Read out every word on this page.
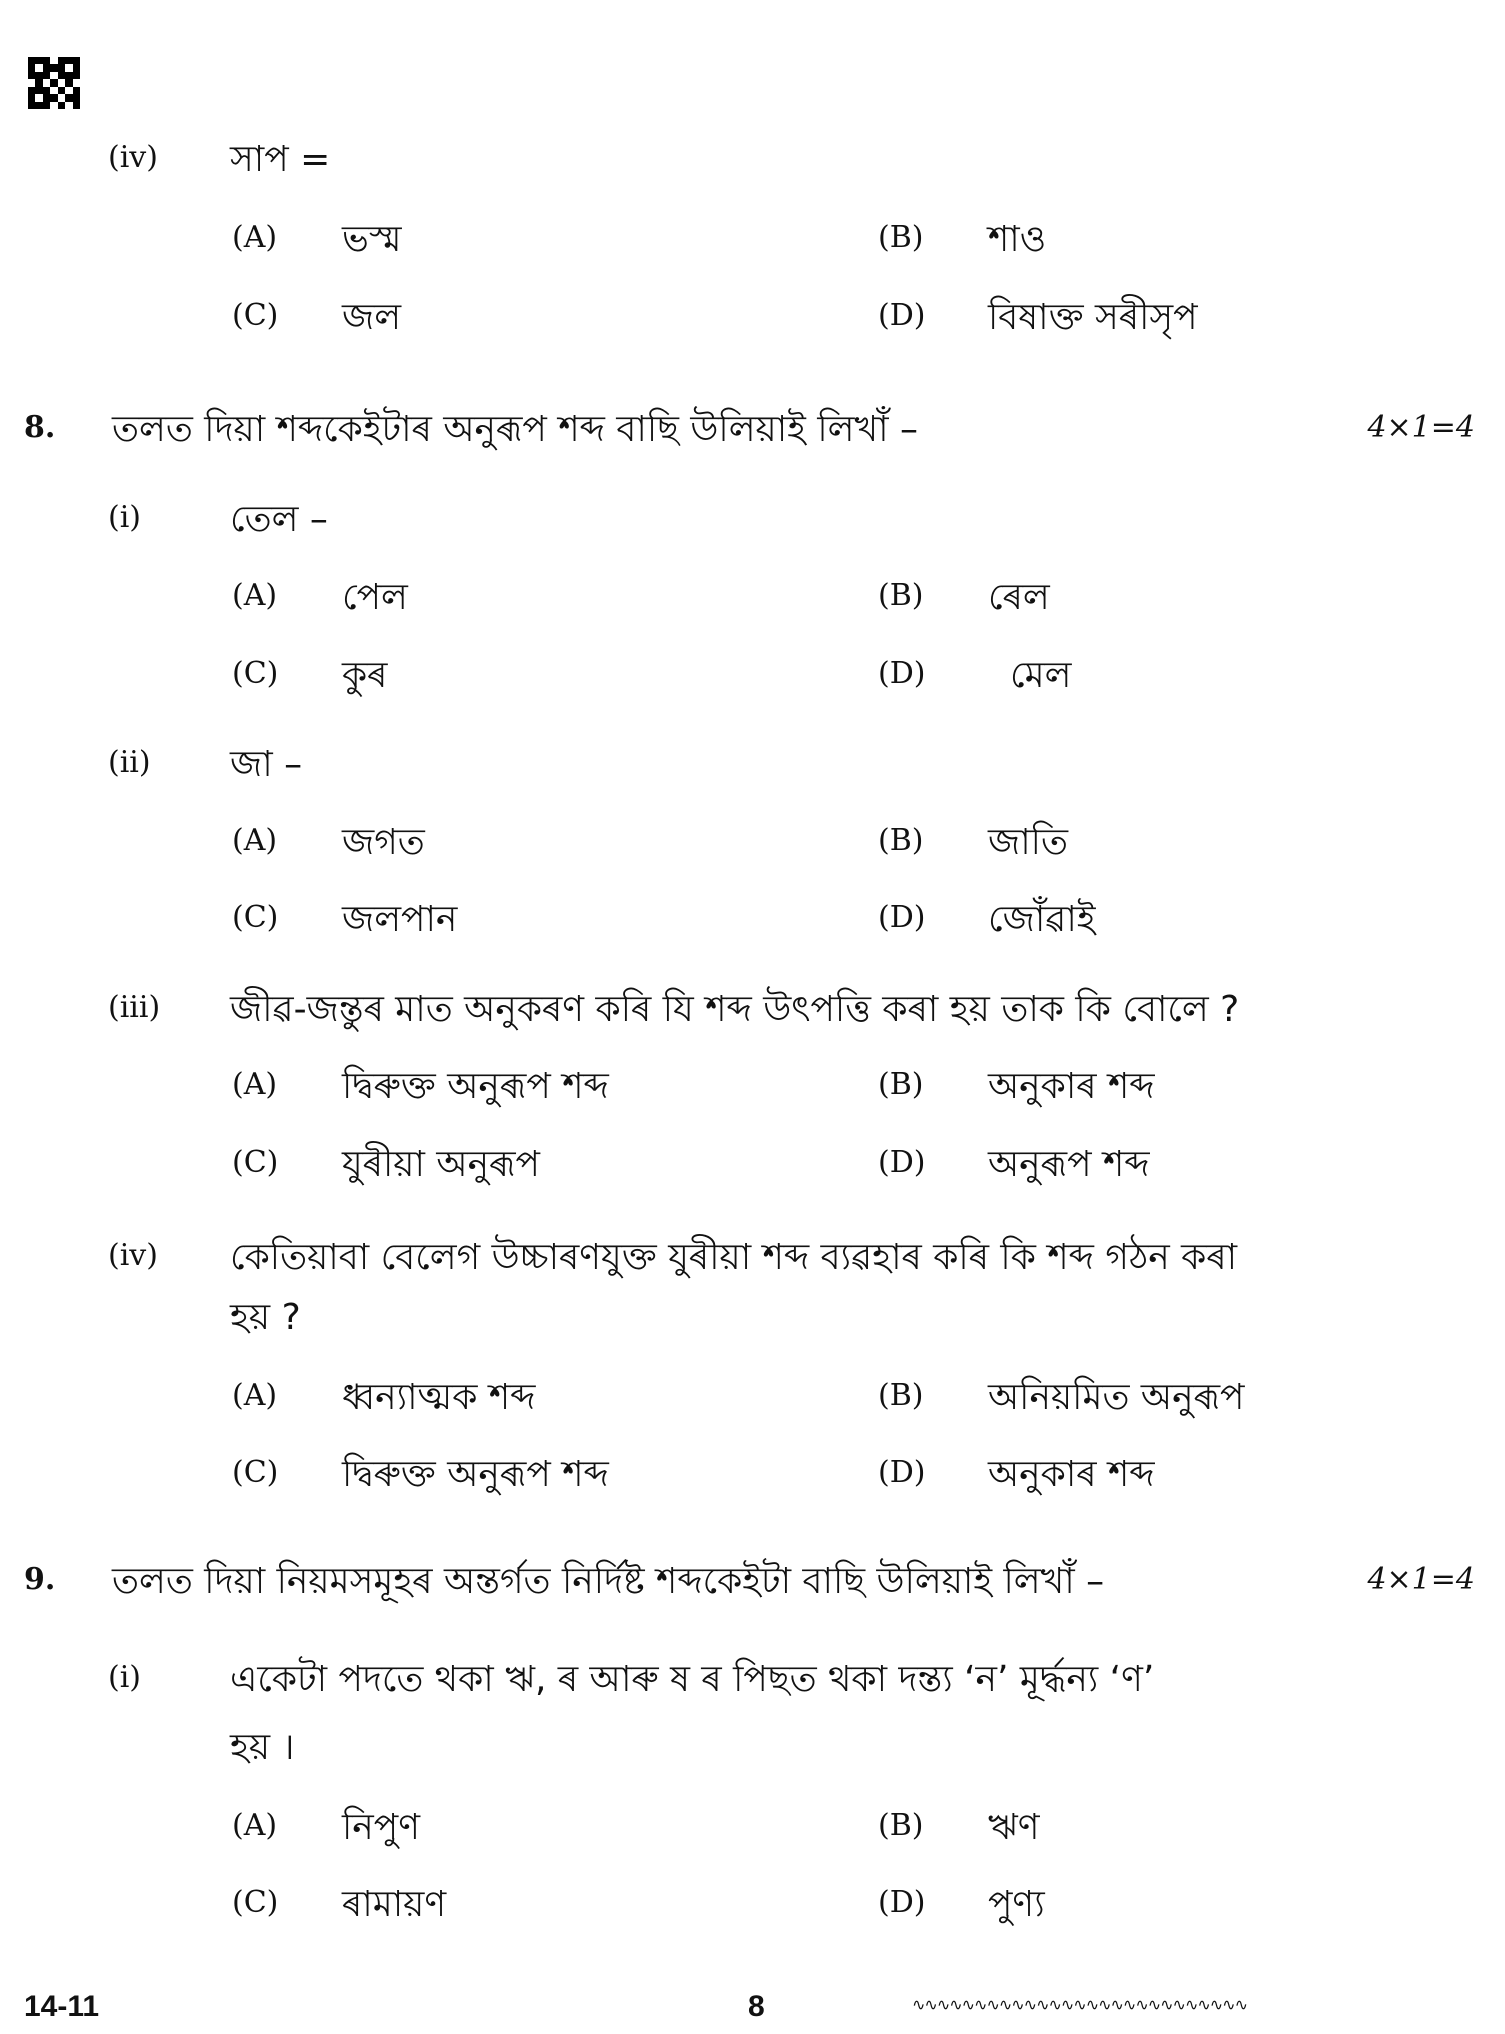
(iv) সাপ =
(A) ভস্ম	(B) শাও
(C) জল	(D) বিষাক্ত সৰীসৃপ
8. তলত দিয়া শব্দকেইটাৰ অনুৰূপ শব্দ বাছি উলিয়াই লিখাঁ –	4×1=4
(i) তেল –
(A) পেল	(B) ৰেল
(C) কুৰ	(D) মেল
(ii) জা –
(A) জগত	(B) জাতি
(C) জলপান	(D) জোঁৱাই
(iii) জীৱ-জন্তুৰ মাত অনুকৰণ কৰি যি শব্দ উৎপত্তি কৰা হয় তাক কি বোলে ?
(A) দ্বিৰুক্ত অনুৰূপ শব্দ	(B) অনুকাৰ শব্দ
(C) যুৰীয়া অনুৰূপ	(D) অনুৰূপ শব্দ
(iv) কেতিয়াবা বেলেগ উচ্চাৰণযুক্ত যুৰীয়া শব্দ ব্যৱহাৰ কৰি কি শব্দ গঠন কৰা
হয় ?
(A) ধ্বন্যাত্মক শব্দ	(B) অনিয়মিত অনুৰূপ
(C) দ্বিৰুক্ত অনুৰূপ শব্দ	(D) অনুকাৰ শব্দ
9. তলত দিয়া নিয়মসমূহৰ অন্তৰ্গত নিৰ্দিষ্ট শব্দকেইটা বাছি উলিয়াই লিখাঁ –	4×1=4
(i) একেটা পদতে থকা ঋ, ৰ আৰু ষ ৰ পিছত থকা দন্ত্য ‘ন’ মূৰ্দ্ধন্য ‘ণ’
হয় ।
(A) নিপুণ	(B) ঋণ
(C) ৰামায়ণ	(D) পুণ্য
14-11	8	∿∿∿∿∿∿∿∿∿∿∿∿∿∿∿∿∿∿∿∿∿∿∿∿∿∿∿
